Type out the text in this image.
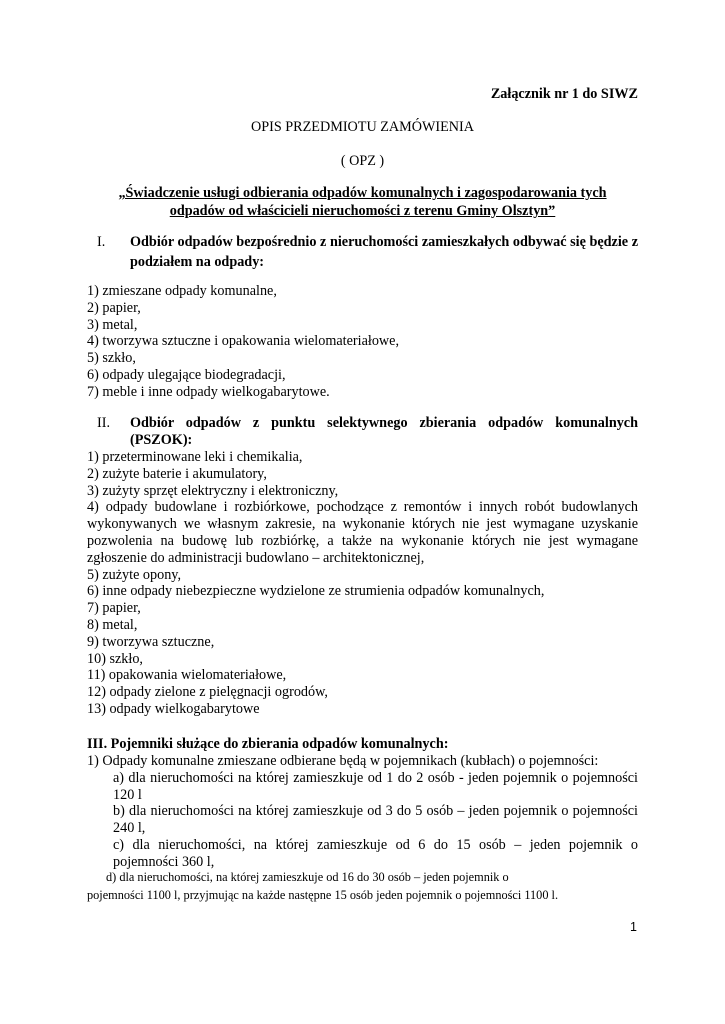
Załącznik nr 1 do SIWZ
OPIS PRZEDMIOTU ZAMÓWIENIA
( OPZ )
„Świadczenie usługi odbierania odpadów komunalnych i zagospodarowania tych
odpadów od właścicieli nieruchomości z terenu Gminy Olsztyn”
I. Odbiór odpadów bezpośrednio z nieruchomości zamieszkałych odbywać się będzie z podziałem na odpady:
1) zmieszane odpady komunalne,
2) papier,
3) metal,
4) tworzywa sztuczne i opakowania wielomateriałowe,
5) szkło,
6) odpady ulegające biodegradacji,
7) meble i inne odpady wielkogabarytowe.
II. Odbiór odpadów z punktu selektywnego zbierania odpadów komunalnych (PSZOK):
1) przeterminowane leki i chemikalia,
2) zużyte baterie i akumulatory,
3) zużyty sprzęt elektryczny i elektroniczny,
4) odpady budowlane i rozbiórkowe, pochodzące z remontów i innych robót budowlanych wykonywanych we własnym zakresie, na wykonanie których nie jest wymagane uzyskanie pozwolenia na budowę lub rozbiórkę, a także na wykonanie których nie jest wymagane zgłoszenie do administracji budowlano – architektonicznej,
5) zużyte opony,
6) inne odpady niebezpieczne wydzielone ze strumienia odpadów komunalnych,
7) papier,
8) metal,
9) tworzywa sztuczne,
10) szkło,
11) opakowania wielomateriałowe,
12) odpady zielone z pielęgnacji ogrodów,
13) odpady wielkogabarytowe
III. Pojemniki służące do zbierania odpadów komunalnych:
1) Odpady komunalne zmieszane odbierane będą w pojemnikach (kubłach) o pojemności:
a) dla nieruchomości na której zamieszkuje od 1 do 2 osób - jeden pojemnik o pojemności 120 l
b) dla nieruchomości na której zamieszkuje od 3 do 5 osób – jeden pojemnik o pojemności 240 l,
c) dla nieruchomości, na której zamieszkuje od 6 do 15 osób – jeden pojemnik o pojemności 360 l,
d) dla nieruchomości, na której zamieszkuje od 16 do 30 osób – jeden pojemnik o
pojemności 1100 l, przyjmując na każde następne 15 osób jeden pojemnik o pojemności 1100 l.
1
